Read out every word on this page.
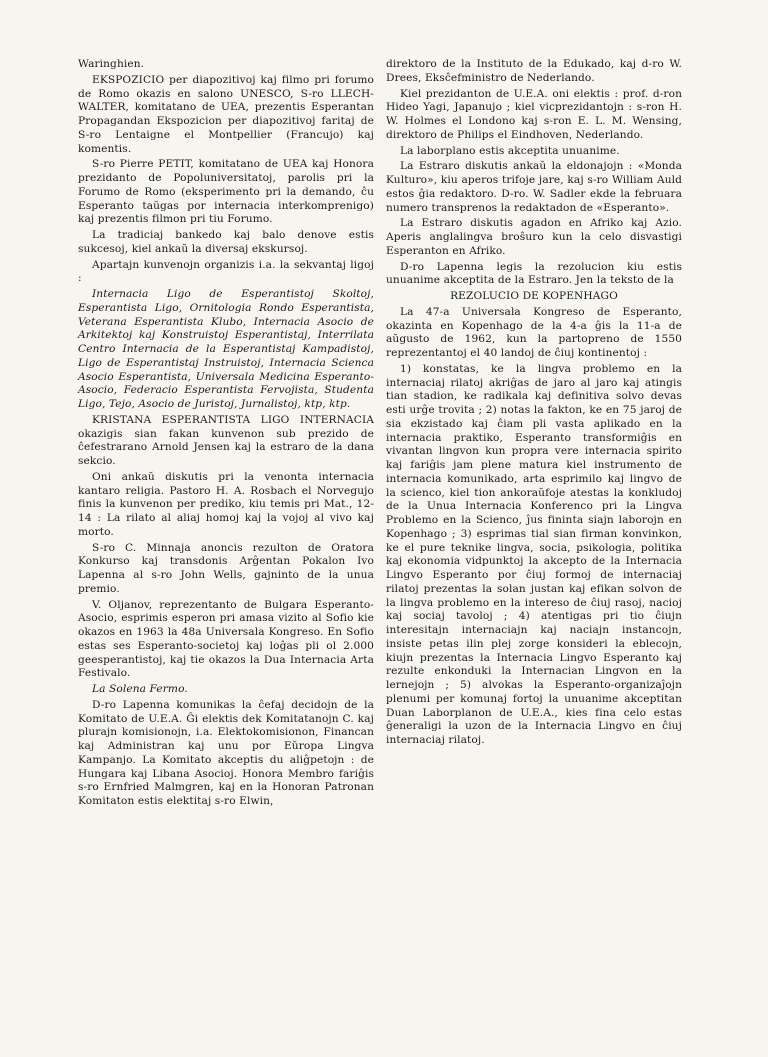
Waringhien.

EKSPOZICIO per diapozitivoj kaj filmo pri forumo de Romo okazis en salono UNESCO, S-ro LLECH-WALTER, komitatano de UEA, prezentis Esperantan Propagandan Ekspozicion per diapozitivoj faritaj de S-ro Lentaigne el Montpellier (Francujo) kaj komentis.

S-ro Pierre PETIT, komitatano de UEA kaj Honora prezidanto de Popoluniversitatoj, parolis pri la Forumo de Romo (eksperimento pri la demando, ĉu Esperanto taŭgas por internacia interkomprenigo) kaj prezentis filmon pri tiu Forumo.

La tradiciaj bankedo kaj balo denove estis sukcesoj, kiel ankaŭ la diversaj ekskursoj.

Apartajn kunvenojn organizis i.a. la sekvantaj ligoj :

Internacia Ligo de Esperantistoj Skoltoj, Esperantista Ligo, Ornitologia Rondo Esperantista, Veterana Esperantista Klubo, Internacia Asocio de Arkitektoj kaj Konstruistoj Esperantistaj, Interrilata Centro Internacia de la Esperantistaj Kampadistoj, Ligo de Esperantistaj Instruistoj, Internacia Scienca Asocio Esperantista, Universala Medicina Esperanto-Asocio, Federacio Esperantista Fervojista, Studenta Ligo, Tejo, Asocio de Juristoj, Jurnalistoj, ktp, ktp.

KRISTANA ESPERANTISTA LIGO INTERNACIA okazigis sian fakan kunvenon sub prezido de ĉefestrarano Arnold Jensen kaj la estraro de la dana sekcio.

Oni ankaŭ diskutis pri la venonta internacia kantaro religia. Pastoro H. A. Rosbach el Norvegujo finis la kunvenon per prediko, kiu temis pri Mat., 12-14 : La rilato al aliaj homoj kaj la vojoj al vivo kaj morto.

S-ro C. Minnaja anoncis rezulton de Oratora Konkurso kaj transdonis Arĝentan Pokalon Ivo Lapenna al s-ro John Wells, gajninto de la unua premio.

V. Oljanov, reprezentanto de Bulgara Esperanto-Asocio, esprimis esperon pri amasa vizito al Sofio kie okazos en 1963 la 48a Universala Kongreso. En Sofio estas ses Esperanto-societoj kaj loĝas pli ol 2.000 geesperantistoj, kaj tie okazos la Dua Internacia Arta Festivalo.

La Solena Fermo.

D-ro Lapenna komunikas la ĉefaj decidojn de la Komitato de U.E.A. Ĝi elektis dek Komitatanojn C. kaj plurajn komisionojn, i.a. Elektokomisionon, Financan kaj Administran kaj unu por Eŭropa Lingva Kampanjo. La Komitato akceptis du aliĝpetojn : de Hungara kaj Libana Asocioj. Honora Membro fariĝis s-ro Ernfried Malmgren, kaj en la Honoran Patronan Komitaton estis elektitaj s-ro Elwin,

direktoro de la Instituto de la Edukado, kaj d-ro W. Drees, Eksĉefministro de Nederlando.

Kiel prezidanton de U.E.A. oni elektis : prof. d-ron Hideo Yagi, Japanujo ; kiel vicprezidantojn : s-ron H. W. Holmes el Londono kaj s-ron E. L. M. Wensing, direktoro de Philips el Eindhoven, Nederlando.

La laborplano estis akceptita unuanime.

La Estraro diskutis ankaŭ la eldonajojn : «Monda Kulturo», kiu aperos trifoje jare, kaj s-ro William Auld estos ĝia redaktoro. D-ro. W. Sadler ekde la februara numero transprenos la redaktadon de «Esperanto».

La Estraro diskutis agadon en Afriko kaj Azio. Aperis anglalingva broŝuro kun la celo disvastigi Esperanton en Afriko.

D-ro Lapenna legis la rezolucion kiu estis unuanime akceptita de la Estraro. Jen la teksto de la

REZOLUCIO DE KOPENHAGO

La 47-a Universala Kongreso de Esperanto, okazinta en Kopenhago de la 4-a ĝis la 11-a de aŭgusto de 1962, kun la partopreno de 1550 reprezentantoj el 40 landoj de ĉiuj kontinentoj :

1) konstatas, ke la lingva problemo en la internaciaj rilatoj akriĝas de jaro al jaro kaj atingis tian stadion, ke radikala kaj definitiva solvo devas esti urĝe trovita ; 2) notas la fakton, ke en 75 jaroj de sia ekzistado kaj ĉiam pli vasta aplikado en la internacia praktiko, Esperanto transformiĝis en vivantan lingvon kun propra vere internacia spirito kaj fariĝis jam plene matura kiel instrumento de internacia komunikado, arta esprimilo kaj lingvo de la scienco, kiel tion ankoraŭfoje atestas la konkludoj de la Unua Internacia Konferenco pri la Lingva Problemo en la Scienco, ĵus fininta siajn laborojn en Kopenhago ; 3) esprimas tial sian firman konvinkon, ke el pure teknike lingva, socia, psikologia, politika kaj ekonomia vidpunktoj la akcepto de la Internacia Lingvo Esperanto por ĉiuj formoj de internaciaj rilatoj prezentas la solan justan kaj efikan solvon de la lingva problemo en la intereso de ĉiuj rasoj, nacioj kaj sociaj tavoloj ; 4) atentigas pri tio ĉiujn interesitajn internaciajn kaj naciajn instancojn, insiste petas ilin plej zorge konsideri la eblecojn, kiujn prezentas la Internacia Lingvo Esperanto kaj rezulte enkonduki la Internacian Lingvon en la lernejojn ; 5) alvokas la Esperanto-organizaĵojn plenumi per komunaj fortoj la unuanime akceptitan Duan Laborplanon de U.E.A., kies fina celo estas ĝeneraligi la uzon de la Internacia Lingvo en ĉiuj internaciaj rilatoj.
